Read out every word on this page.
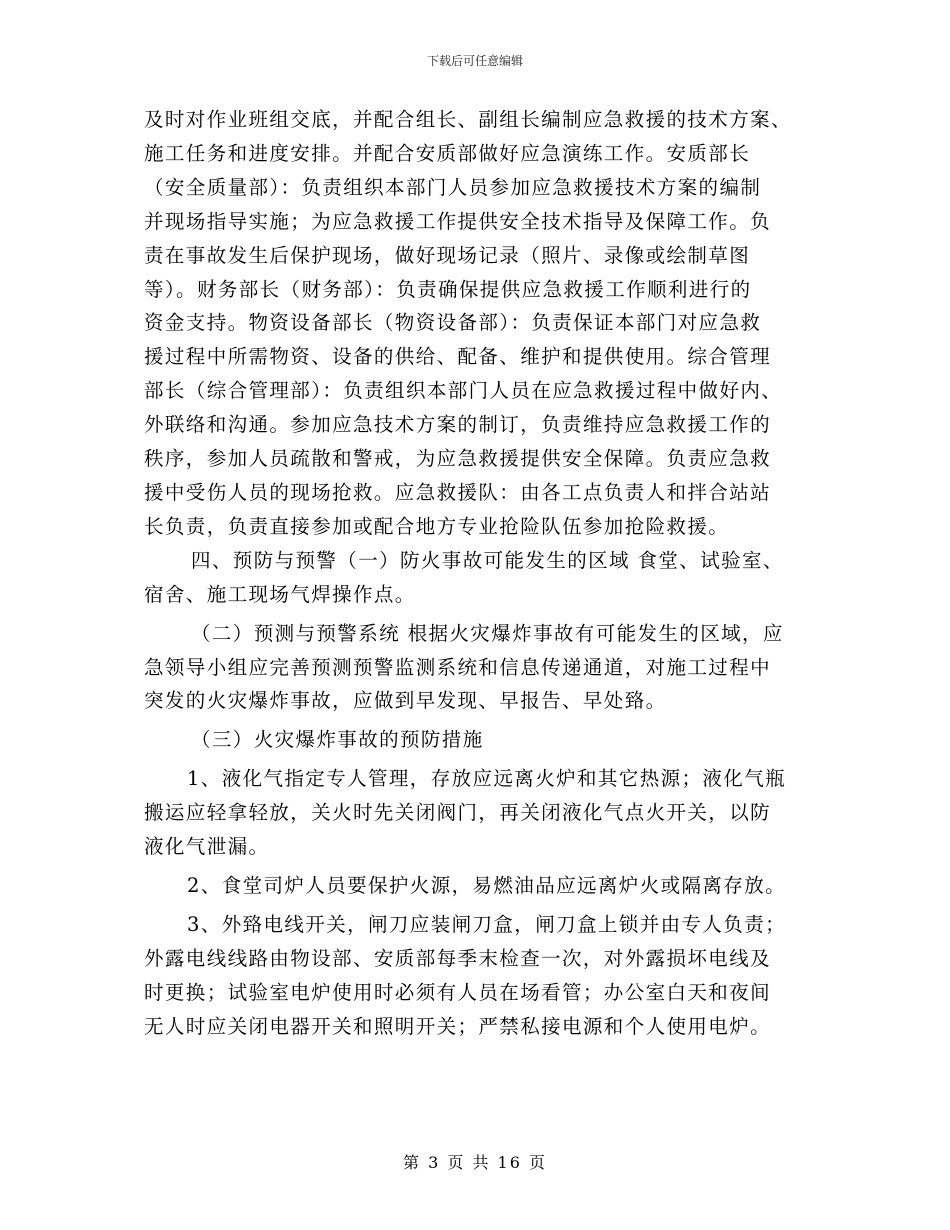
下载后可任意编辑

及时对作业班组交底，并配合组长、副组长编制应急救援的技术方案、
施工任务和进度安排。并配合安质部做好应急演练工作。安质部长
（安全质量部）：负责组织本部门人员参加应急救援技术方案的编制
并现场指导实施；为应急救援工作提供安全技术指导及保障工作。负
责在事故发生后保护现场，做好现场记录（照片、录像或绘制草图
等）。财务部长（财务部）：负责确保提供应急救援工作顺利进行的
资金支持。物资设备部长（物资设备部）：负责保证本部门对应急救
援过程中所需物资、设备的供给、配备、维护和提供使用。综合管理
部长（综合管理部）：负责组织本部门人员在应急救援过程中做好内、
外联络和沟通。参加应急技术方案的制订，负责维持应急救援工作的
秩序，参加人员疏散和警戒，为应急救援提供安全保障。负责应急救
援中受伤人员的现场抢救。应急救援队：由各工点负责人和拌合站站
长负责，负责直接参加或配合地方专业抢险队伍参加抢险救援。

四、预防与预警（一）防火事故可能发生的区域 食堂、试验室、
宿舍、施工现场气焊操作点。

（二）预测与预警系统 根据火灾爆炸事故有可能发生的区域，应
急领导小组应完善预测预警监测系统和信息传递通道，对施工过程中
突发的火灾爆炸事故，应做到早发现、早报告、早处臵。

（三）火灾爆炸事故的预防措施

1、液化气指定专人管理，存放应远离火炉和其它热源；液化气瓶
搬运应轻拿轻放，关火时先关闭阀门，再关闭液化气点火开关，以防
液化气泄漏。

2、食堂司炉人员要保护火源，易燃油品应远离炉火或隔离存放。

3、外臵电线开关，闸刀应装闸刀盒，闸刀盒上锁并由专人负责；
外露电线线路由物设部、安质部每季末检查一次，对外露损坏电线及
时更换；试验室电炉使用时必须有人员在场看管；办公室白天和夜间
无人时应关闭电器开关和照明开关；严禁私接电源和个人使用电炉。

第 3 页 共 16 页
